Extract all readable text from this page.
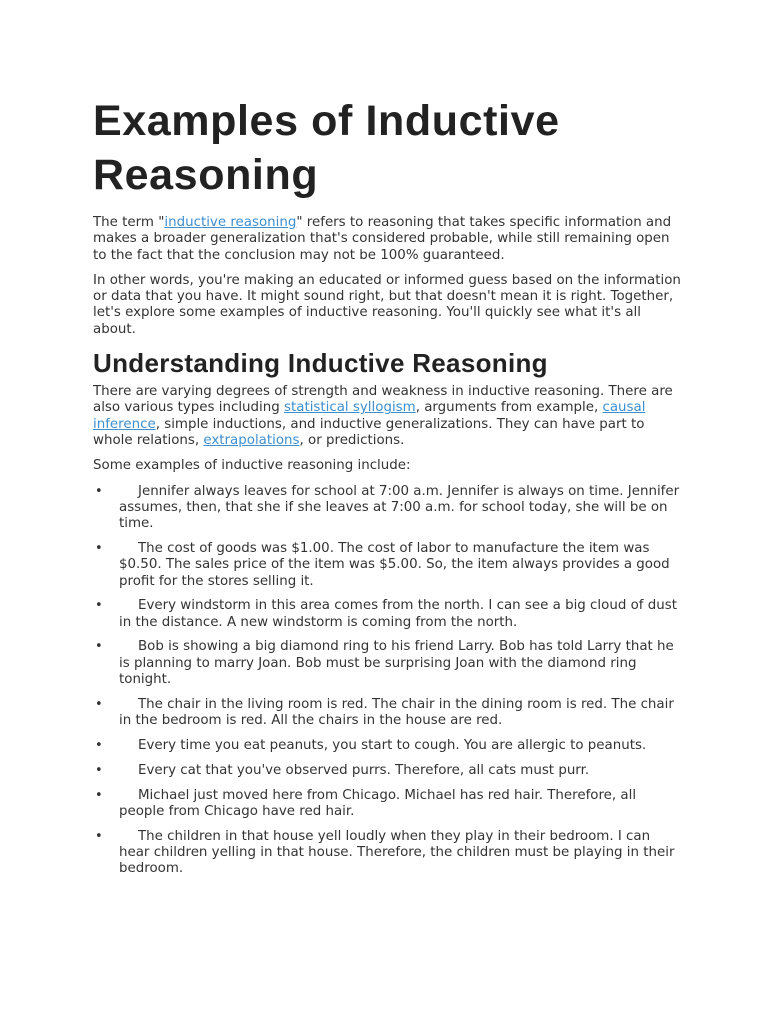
Examples of Inductive
Reasoning

The term "inductive reasoning" refers to reasoning that takes specific information and makes a broader generalization that's considered probable, while still remaining open to the fact that the conclusion may not be 100% guaranteed.

In other words, you're making an educated or informed guess based on the information or data that you have. It might sound right, but that doesn't mean it is right. Together, let's explore some examples of inductive reasoning. You'll quickly see what it's all about.

Understanding Inductive Reasoning

There are varying degrees of strength and weakness in inductive reasoning. There are also various types including statistical syllogism, arguments from example, causal inference, simple inductions, and inductive generalizations. They can have part to whole relations, extrapolations, or predictions.

Some examples of inductive reasoning include:

•	Jennifer always leaves for school at 7:00 a.m. Jennifer is always on time. Jennifer assumes, then, that she if she leaves at 7:00 a.m. for school today, she will be on time.
•	The cost of goods was $1.00. The cost of labor to manufacture the item was $0.50. The sales price of the item was $5.00. So, the item always provides a good profit for the stores selling it.
•	Every windstorm in this area comes from the north. I can see a big cloud of dust in the distance. A new windstorm is coming from the north.
•	Bob is showing a big diamond ring to his friend Larry. Bob has told Larry that he is planning to marry Joan. Bob must be surprising Joan with the diamond ring tonight.
•	The chair in the living room is red. The chair in the dining room is red. The chair in the bedroom is red. All the chairs in the house are red.
•	Every time you eat peanuts, you start to cough. You are allergic to peanuts.
•	Every cat that you've observed purrs. Therefore, all cats must purr.
•	Michael just moved here from Chicago. Michael has red hair. Therefore, all people from Chicago have red hair.
•	The children in that house yell loudly when they play in their bedroom. I can hear children yelling in that house. Therefore, the children must be playing in their bedroom.
